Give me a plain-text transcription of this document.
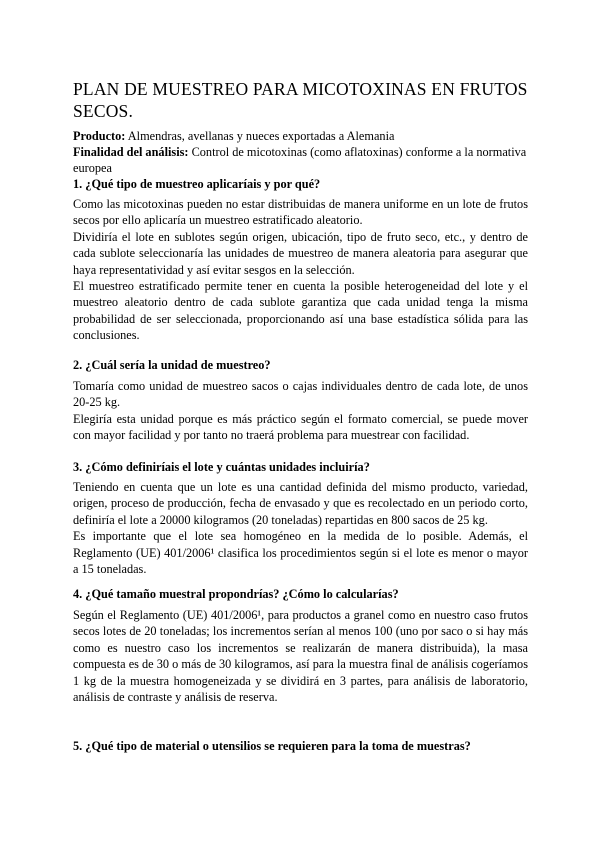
PLAN DE MUESTREO PARA MICOTOXINAS EN FRUTOS SECOS.
Producto: Almendras, avellanas y nueces exportadas a Alemania
Finalidad del análisis: Control de micotoxinas (como aflatoxinas) conforme a la normativa europea
1. ¿Qué tipo de muestreo aplicaríais y por qué?
Como las micotoxinas pueden no estar distribuidas de manera uniforme en un lote de frutos secos por ello aplicaría un muestreo estratificado aleatorio.
Dividiría el lote en sublotes según origen, ubicación, tipo de fruto seco, etc., y dentro de cada sublote seleccionaría las unidades de muestreo de manera aleatoria para asegurar que haya representatividad y así evitar sesgos en la selección.
El muestreo estratificado permite tener en cuenta la posible heterogeneidad del lote y el muestreo aleatorio dentro de cada sublote garantiza que cada unidad tenga la misma probabilidad de ser seleccionada, proporcionando así una base estadística sólida para las conclusiones.
2. ¿Cuál sería la unidad de muestreo?
Tomaría como unidad de muestreo sacos o cajas individuales dentro de cada lote, de unos 20-25 kg.
Elegiría esta unidad porque es más práctico según el formato comercial, se puede mover con mayor facilidad y por tanto no traerá problema para muestrear con facilidad.
3. ¿Cómo definiríais el lote y cuántas unidades incluiría?
Teniendo en cuenta que un lote es una cantidad definida del mismo producto, variedad, origen, proceso de producción, fecha de envasado y que es recolectado en un periodo corto, definiría el lote a 20000 kilogramos (20 toneladas) repartidas en 800 sacos de 25 kg.
Es importante que el lote sea homogéneo en la medida de lo posible. Además, el Reglamento (UE) 401/2006¹ clasifica los procedimientos según si el lote es menor o mayor a 15 toneladas.
4. ¿Qué tamaño muestral propondrías? ¿Cómo lo calcularías?
Según el Reglamento (UE) 401/2006¹, para productos a granel como en nuestro caso frutos secos lotes de 20 toneladas; los incrementos serían al menos 100 (uno por saco o si hay más como es nuestro caso los incrementos se realizarán de manera distribuida), la masa compuesta es de 30 o más de 30 kilogramos, así para la muestra final de análisis cogeríamos 1 kg de la muestra homogeneizada y se dividirá en 3 partes, para análisis de laboratorio, análisis de contraste y análisis de reserva.
5. ¿Qué tipo de material o utensilios se requieren para la toma de muestras?
